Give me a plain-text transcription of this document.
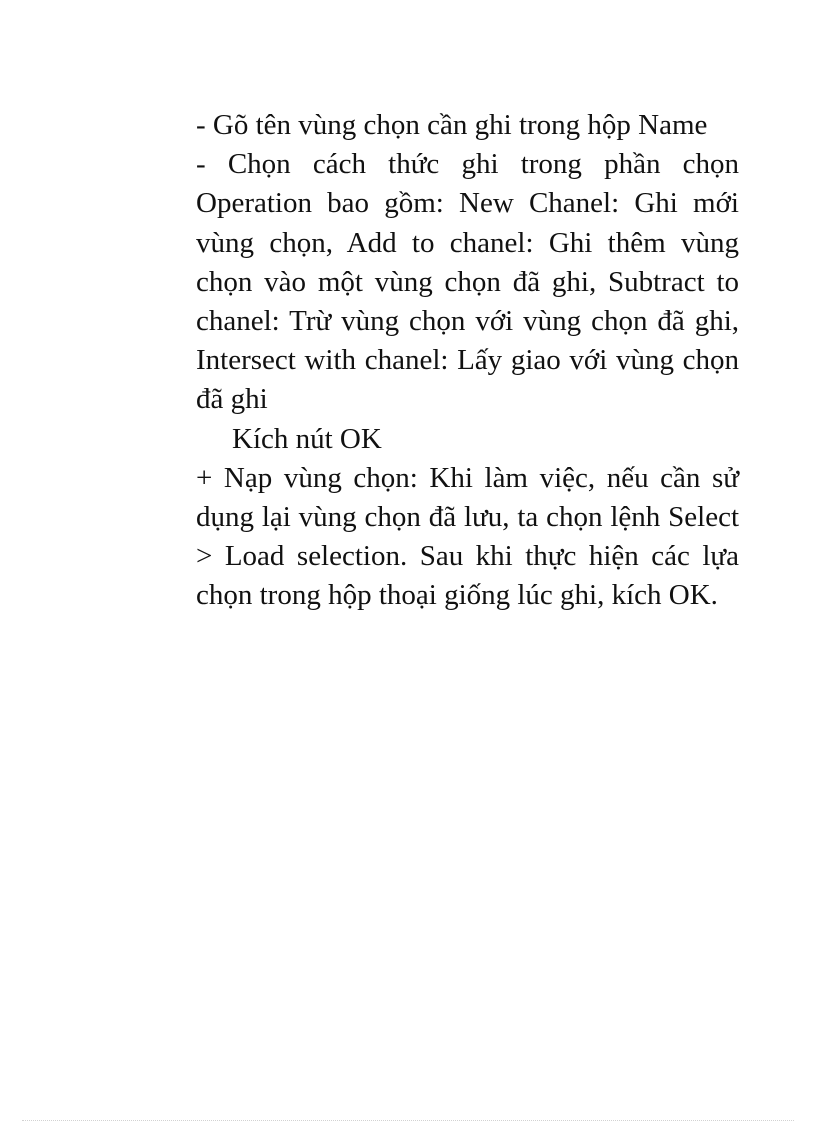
- Gõ tên vùng chọn cần ghi trong hộp Name

- Chọn cách thức ghi trong phần chọn Operation bao gồm: New Chanel: Ghi mới vùng chọn, Add to chanel: Ghi thêm vùng chọn vào một vùng chọn đã ghi, Subtract to chanel: Trừ vùng chọn với vùng chọn đã ghi, Intersect with chanel: Lấy giao với vùng chọn đã ghi

Kích nút OK

+ Nạp vùng chọn: Khi làm việc, nếu cần sử dụng lại vùng chọn đã lưu, ta chọn lệnh Select > Load selection. Sau khi thực hiện các lựa chọn trong hộp thoại giống lúc ghi, kích OK.
